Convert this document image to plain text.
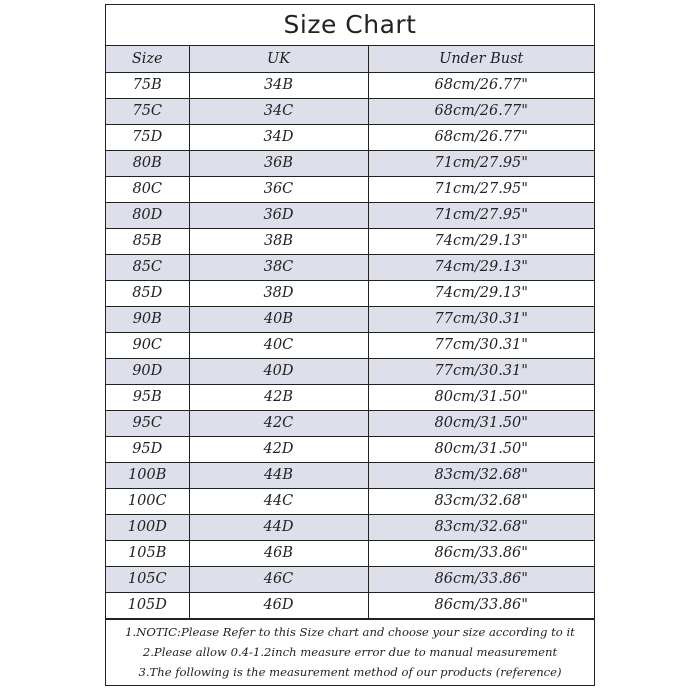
Size Chart
Size	UK	Under Bust
75B	34B	68cm/26.77"
75C	34C	68cm/26.77"
75D	34D	68cm/26.77"
80B	36B	71cm/27.95"
80C	36C	71cm/27.95"
80D	36D	71cm/27.95"
85B	38B	74cm/29.13"
85C	38C	74cm/29.13"
85D	38D	74cm/29.13"
90B	40B	77cm/30.31"
90C	40C	77cm/30.31"
90D	40D	77cm/30.31"
95B	42B	80cm/31.50"
95C	42C	80cm/31.50"
95D	42D	80cm/31.50"
100B	44B	83cm/32.68"
100C	44C	83cm/32.68"
100D	44D	83cm/32.68"
105B	46B	86cm/33.86"
105C	46C	86cm/33.86"
105D	46D	86cm/33.86"
1.NOTIC:Please Refer to this Size chart and choose your size according to it
2.Please allow 0.4-1.2inch measure error due to manual measurement
3.The following is the measurement method of our products (reference)
